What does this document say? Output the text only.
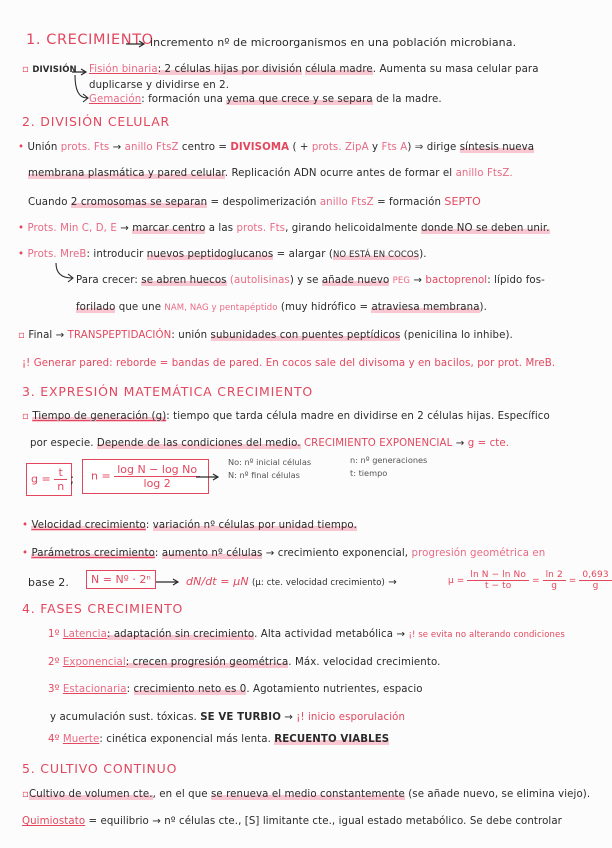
1. CRECIMIENTO
incremento nº de microorganismos en una población microbiana.
▫ DIVISIÓN Fisión binaria: 2 células hijas por división célula madre. Aumenta su masa celular para
duplicarse y dividirse en 2.
Gemación: formación una yema que crece y se separa de la madre.
2. DIVISIÓN CELULAR
• Unión prots. Fts → anillo FtsZ centro = DIVISOMA ( + prots. ZipA y Fts A) ⇒ dirige síntesis nueva
membrana plasmática y pared celular. Replicación ADN ocurre antes de formar el anillo FtsZ.
Cuando 2 cromosomas se separan = despolimerización anillo FtsZ = formación SEPTO
• Prots. Min C, D, E → marcar centro a las prots. Fts, girando helicoidalmente donde NO se deben unir.
• Prots. MreB: introducir nuevos peptidoglucanos = alargar (NO ESTÁ EN COCOS).
Para crecer: se abren huecos (autolisinas) y se añade nuevo PEG → bactoprenol: lípido fos-
forilado que une NAM, NAG y pentapéptido (muy hidrófico = atraviesa membrana).
▫ Final → TRANSPEPTIDACIÓN: unión subunidades con puentes peptídicos (penicilina lo inhibe).
¡! Generar pared: reborde = bandas de pared. En cocos sale del divisoma y en bacilos, por prot. MreB.
3. EXPRESIÓN MATEMÁTICA CRECIMIENTO
▫ Tiempo de generación (g): tiempo que tarda célula madre en dividirse en 2 células hijas. Específico
por especie. Depende de las condiciones del medio. CRECIMIENTO EXPONENCIAL → g = cte.
$g = \frac{t}{n}$ ;	$n = \frac{\text{log N − log No}}{\log 2}$
No: nº inicial células
N: nº final células
n: nº generaciones
t: tiempo
• Velocidad crecimiento: variación nº células por unidad tiempo.
• Parámetros crecimiento: aumento nº células → crecimiento exponencial, progresión geométrica en
base 2.	N = Nº · 2ⁿ	dN/dt = μN (μ: cte. velocidad crecimiento) →	$\mu = \frac{\text{ln N − ln No}}{t - to} = \frac{\ln 2}{g} = \frac{0,693}{g}$
4. FASES CRECIMIENTO
1º Latencia: adaptación sin crecimiento. Alta actividad metabólica → ¡! se evita no alterando condiciones
2º Exponencial: crecen progresión geométrica. Máx. velocidad crecimiento.
3º Estacionaria: crecimiento neto es 0. Agotamiento nutrientes, espacio
y acumulación sust. tóxicas. SE VE TURBIO → ¡! inicio esporulación
4º Muerte: cinética exponencial más lenta. RECUENTO VIABLES
5. CULTIVO CONTINUO
▫Cultivo de volumen cte., en el que se renueva el medio constantemente (se añade nuevo, se elimina viejo).
Quimiostato = equilibrio → nº células cte., [S] limitante cte., igual estado metabólico. Se debe controlar
